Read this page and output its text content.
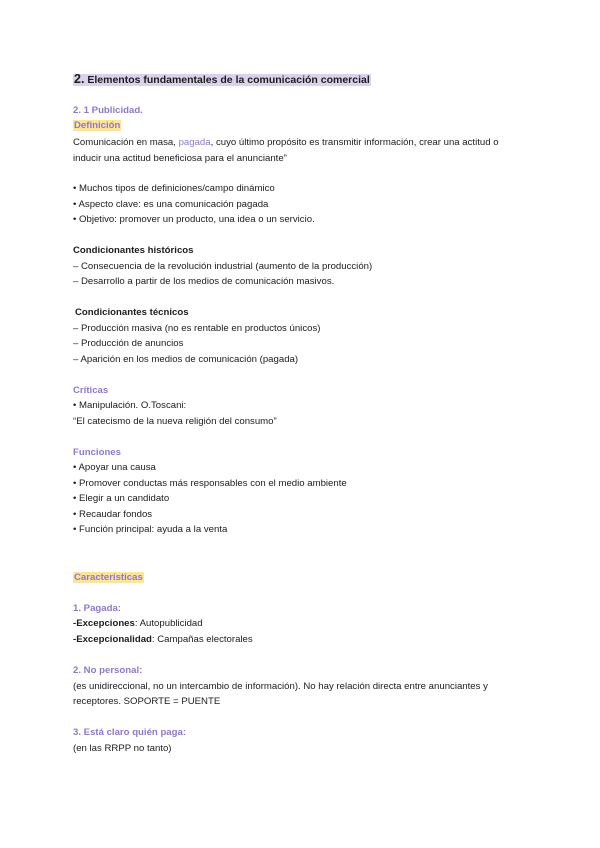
2. Elementos fundamentales de la comunicación comercial
2. 1 Publicidad.
Definición
Comunicación en masa, pagada, cuyo último propósito es transmitir información, crear una actitud o
inducir una actitud beneficiosa para el anunciante”
• Muchos tipos de definiciones/campo dinámico
• Aspecto clave: es una comunicación pagada
• Objetivo: promover un producto, una idea o un servicio.
Condicionantes históricos
– Consecuencia de la revolución industrial (aumento de la producción)
– Desarrollo a partir de los medios de comunicación masivos.
Condicionantes técnicos
– Producción masiva (no es rentable en productos únicos)
– Producción de anuncios
– Aparición en los medios de comunicación (pagada)
Críticas
• Manipulación. O.Toscani:
“El catecismo de la nueva religión del consumo”
Funciones
• Apoyar una causa
• Promover conductas más responsables con el medio ambiente
• Elegir a un candidato
• Recaudar fondos
• Función principal: ayuda a la venta
Características
1. Pagada:
-Excepciones: Autopublicidad
-Excepcionalidad: Campañas electorales
2. No personal:
(es unidireccional, no un intercambio de información). No hay relación directa entre anunciantes y
receptores. SOPORTE = PUENTE
3. Está claro quién paga:
(en las RRPP no tanto)
